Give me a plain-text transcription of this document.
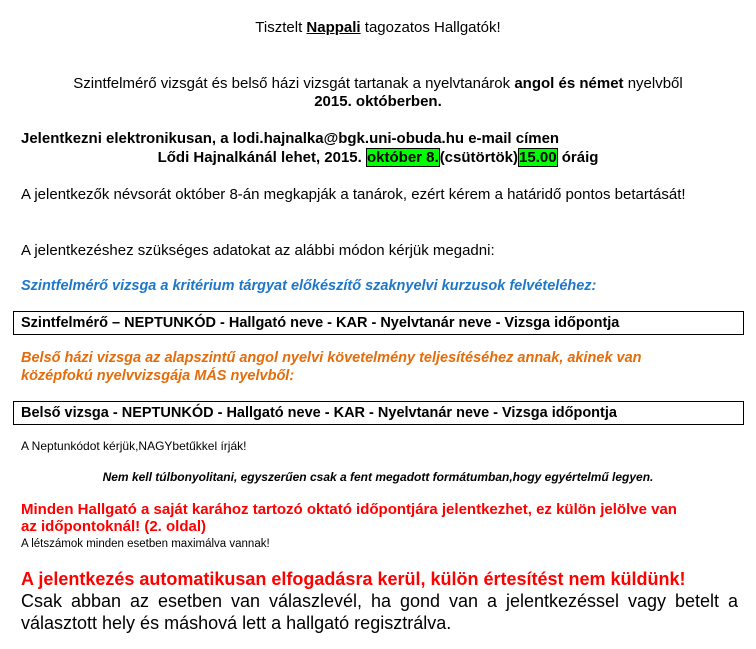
Tisztelt Nappali tagozatos Hallgatók!
Szintfelmérő vizsgát és belső házi vizsgát tartanak a nyelvtanárok angol és német nyelvből
2015. októberben.
Jelentkezni elektronikusan, a lodi.hajnalka@bgk.uni-obuda.hu e-mail címen
Lődi Hajnalkánál lehet, 2015. október 8.(csütörtök)15.00 óráig
A jelentkezők névsorát október 8-án megkapják a tanárok, ezért kérem a határidő pontos betartását!
A jelentkezéshez szükséges adatokat az alábbi módon kérjük megadni:
Szintfelmérő vizsga a kritérium tárgyat előkészítő szaknyelvi kurzusok felvételéhez:
Szintfelmérő – NEPTUNKÓD - Hallgató neve - KAR - Nyelvtanár neve - Vizsga időpontja
Belső házi vizsga az alapszintű angol nyelvi követelmény teljesítéséhez annak, akinek van
középfokú nyelvvizsgája MÁS nyelvből:
Belső vizsga - NEPTUNKÓD - Hallgató neve - KAR - Nyelvtanár neve - Vizsga időpontja
A Neptunkódot kérjük,NAGYbetűkkel írják!
Nem kell túlbonyolitani, egyszerűen csak a fent megadott formátumban,hogy egyértelmű legyen.
Minden Hallgató a saját karához tartozó oktató időpontjára jelentkezhet, ez külön jelölve van
az időpontoknál! (2. oldal)
A létszámok minden esetben maximálva vannak!
A jelentkezés automatikusan elfogadásra kerül, külön értesítést nem küldünk!
Csak abban az esetben van válaszlevél, ha gond van a jelentkezéssel vagy betelt a választott hely és máshová lett a hallgató regisztrálva.
